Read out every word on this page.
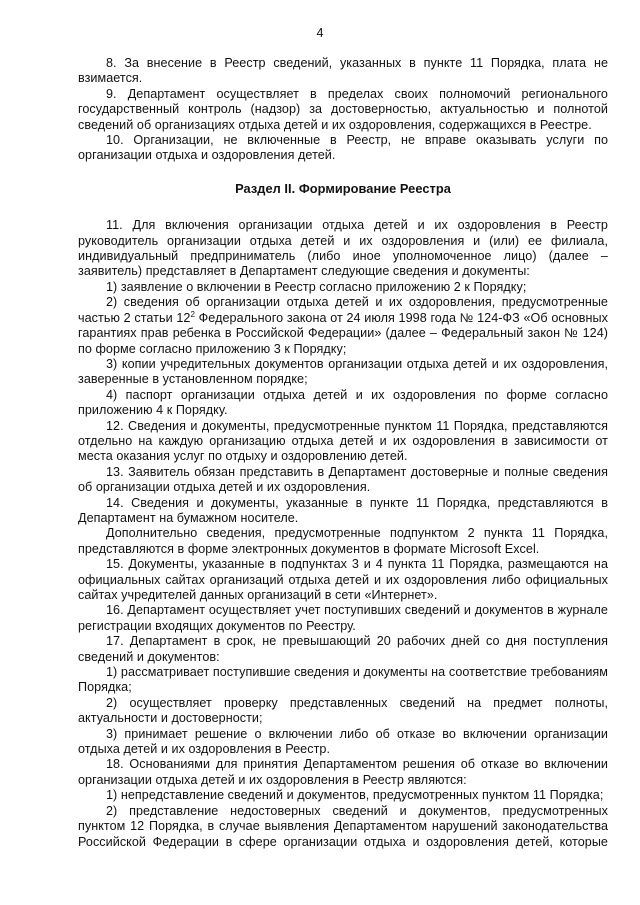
4

8. За внесение в Реестр сведений, указанных в пункте 11 Порядка, плата не взимается.

9. Департамент осуществляет в пределах своих полномочий регионального государственный контроль (надзор) за достоверностью, актуальностью и полнотой сведений об организациях отдыха детей и их оздоровления, содержащихся в Реестре.

10. Организации, не включенные в Реестр, не вправе оказывать услуги по организации отдыха и оздоровления детей.

Раздел II. Формирование Реестра

11. Для включения организации отдыха детей и их оздоровления в Реестр руководитель организации отдыха детей и их оздоровления и (или) ее филиала, индивидуальный предприниматель (либо иное уполномоченное лицо) (далее – заявитель) представляет в Департамент следующие сведения и документы:

1) заявление о включении в Реестр согласно приложению 2 к Порядку;

2) сведения об организации отдыха детей и их оздоровления, предусмотренные частью 2 статьи $12^2$ Федерального закона от 24 июля 1998 года № 124-ФЗ «Об основных гарантиях прав ребенка в Российской Федерации» (далее – Федеральный закон № 124) по форме согласно приложению 3 к Порядку;

3) копии учредительных документов организации отдыха детей и их оздоровления, заверенные в установленном порядке;

4) паспорт организации отдыха детей и их оздоровления по форме согласно приложению 4 к Порядку.

12. Сведения и документы, предусмотренные пунктом 11 Порядка, представляются отдельно на каждую организацию отдыха детей и их оздоровления в зависимости от места оказания услуг по отдыху и оздоровлению детей.

13. Заявитель обязан представить в Департамент достоверные и полные сведения об организации отдыха детей и их оздоровления.

14. Сведения и документы, указанные в пункте 11 Порядка, представляются в Департамент на бумажном носителе.

Дополнительно сведения, предусмотренные подпунктом 2 пункта 11 Порядка, представляются в форме электронных документов в формате Microsoft Excel.

15. Документы, указанные в подпунктах 3 и 4 пункта 11 Порядка, размещаются на официальных сайтах организаций отдыха детей и их оздоровления либо официальных сайтах учредителей данных организаций в сети «Интернет».

16. Департамент осуществляет учет поступивших сведений и документов в журнале регистрации входящих документов по Реестру.

17. Департамент в срок, не превышающий 20 рабочих дней со дня поступления сведений и документов:

1) рассматривает поступившие сведения и документы на соответствие требованиям Порядка;

2) осуществляет проверку представленных сведений на предмет полноты, актуальности и достоверности;

3) принимает решение о включении либо об отказе во включении организации отдыха детей и их оздоровления в Реестр.

18. Основаниями для принятия Департаментом решения об отказе во включении организации отдыха детей и их оздоровления в Реестр являются:

1) непредставление сведений и документов, предусмотренных пунктом 11 Порядка;

2) представление недостоверных сведений и документов, предусмотренных пунктом 12 Порядка, в случае выявления Департаментом нарушений законодательства Российской Федерации в сфере организации отдыха и оздоровления детей, которые
